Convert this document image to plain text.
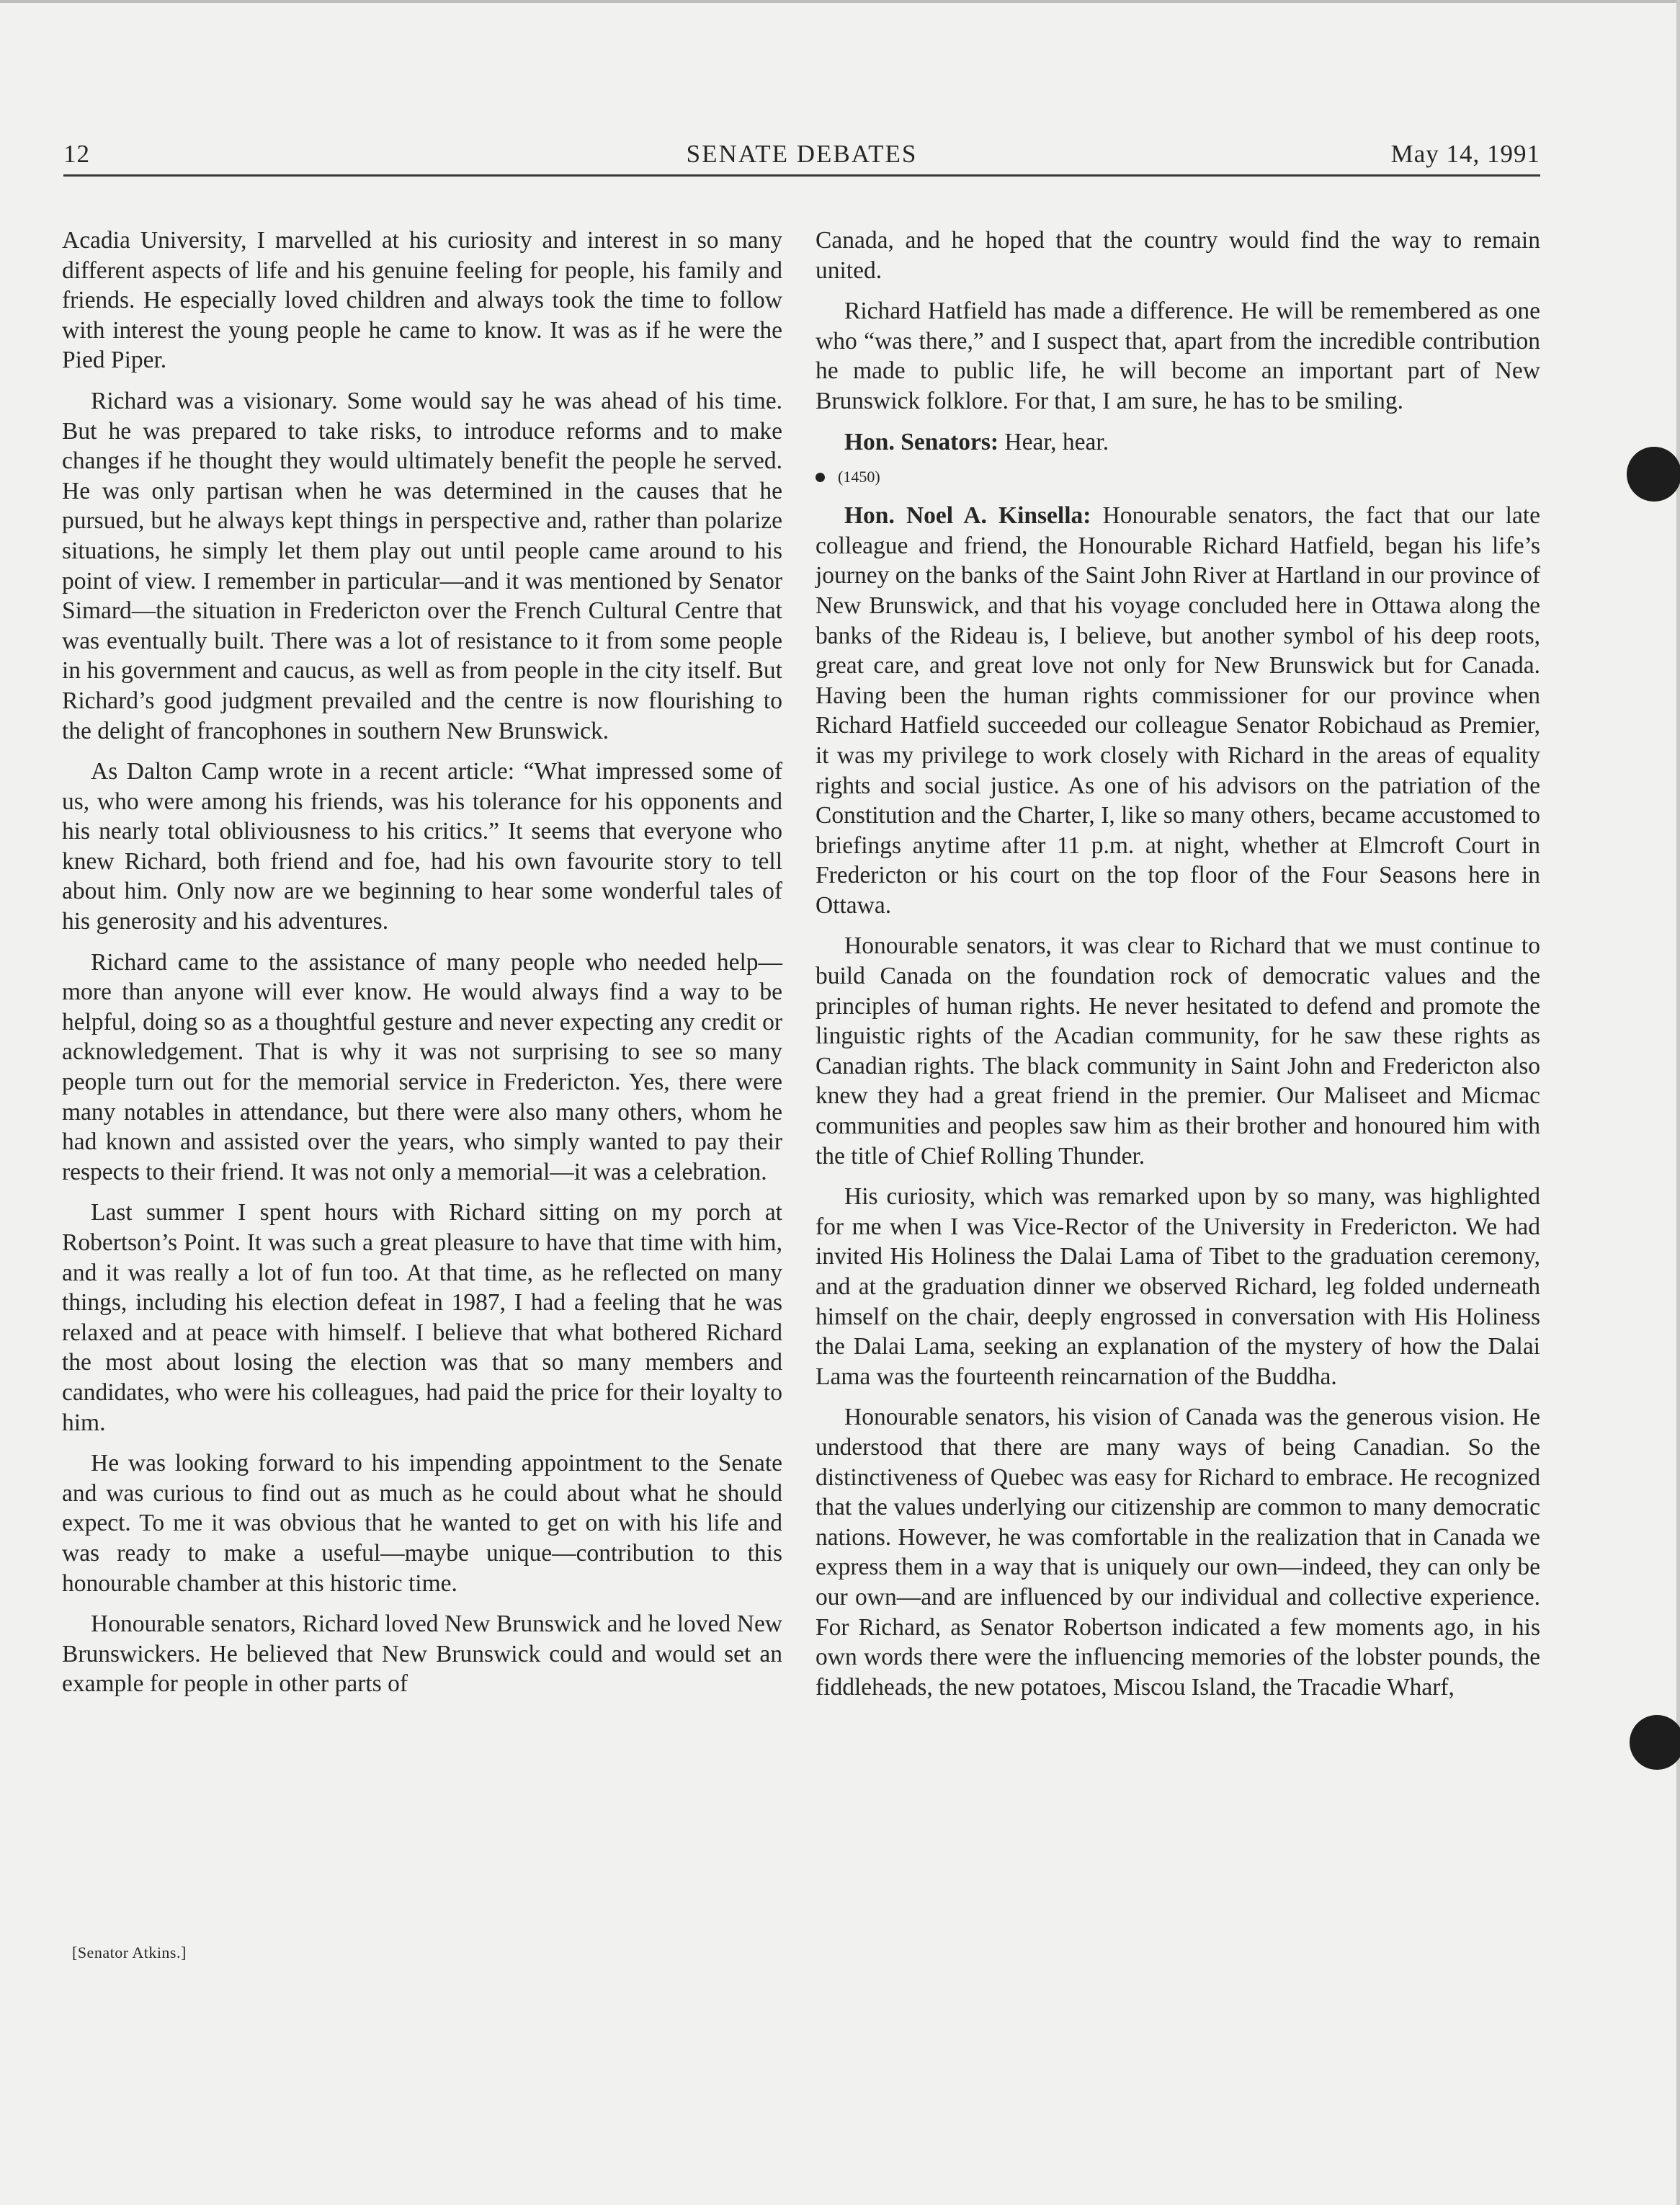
12	SENATE DEBATES	May 14, 1991

Acadia University, I marvelled at his curiosity and interest in so many different aspects of life and his genuine feeling for people, his family and friends. He especially loved children and always took the time to follow with interest the young people he came to know. It was as if he were the Pied Piper.

Richard was a visionary. Some would say he was ahead of his time. But he was prepared to take risks, to introduce reforms and to make changes if he thought they would ultimately benefit the people he served. He was only partisan when he was determined in the causes that he pursued, but he always kept things in perspective and, rather than polarize situations, he simply let them play out until people came around to his point of view. I remember in particular—and it was mentioned by Senator Simard—the situation in Fredericton over the French Cultural Centre that was eventually built. There was a lot of resistance to it from some people in his government and caucus, as well as from people in the city itself. But Richard’s good judgment prevailed and the centre is now flourishing to the delight of francophones in southern New Brunswick.

As Dalton Camp wrote in a recent article: “What impressed some of us, who were among his friends, was his tolerance for his opponents and his nearly total obliviousness to his critics.” It seems that everyone who knew Richard, both friend and foe, had his own favourite story to tell about him. Only now are we beginning to hear some wonderful tales of his generosity and his adventures.

Richard came to the assistance of many people who needed help—more than anyone will ever know. He would always find a way to be helpful, doing so as a thoughtful gesture and never expecting any credit or acknowledgement. That is why it was not surprising to see so many people turn out for the memorial service in Fredericton. Yes, there were many notables in attendance, but there were also many others, whom he had known and assisted over the years, who simply wanted to pay their respects to their friend. It was not only a memorial—it was a celebration.

Last summer I spent hours with Richard sitting on my porch at Robertson’s Point. It was such a great pleasure to have that time with him, and it was really a lot of fun too. At that time, as he reflected on many things, including his election defeat in 1987, I had a feeling that he was relaxed and at peace with himself. I believe that what bothered Richard the most about losing the election was that so many members and candidates, who were his colleagues, had paid the price for their loyalty to him.

He was looking forward to his impending appointment to the Senate and was curious to find out as much as he could about what he should expect. To me it was obvious that he wanted to get on with his life and was ready to make a useful—maybe unique—contribution to this honourable chamber at this historic time.

Honourable senators, Richard loved New Brunswick and he loved New Brunswickers. He believed that New Brunswick could and would set an example for people in other parts of

[Senator Atkins.]

Canada, and he hoped that the country would find the way to remain united.

Richard Hatfield has made a difference. He will be remembered as one who “was there,” and I suspect that, apart from the incredible contribution he made to public life, he will become an important part of New Brunswick folklore. For that, I am sure, he has to be smiling.

Hon. Senators: Hear, hear.

(1450)

Hon. Noel A. Kinsella: Honourable senators, the fact that our late colleague and friend, the Honourable Richard Hatfield, began his life’s journey on the banks of the Saint John River at Hartland in our province of New Brunswick, and that his voyage concluded here in Ottawa along the banks of the Rideau is, I believe, but another symbol of his deep roots, great care, and great love not only for New Brunswick but for Canada. Having been the human rights commissioner for our province when Richard Hatfield succeeded our colleague Senator Robichaud as Premier, it was my privilege to work closely with Richard in the areas of equality rights and social justice. As one of his advisors on the patriation of the Constitution and the Charter, I, like so many others, became accustomed to briefings anytime after 11 p.m. at night, whether at Elmcroft Court in Fredericton or his court on the top floor of the Four Seasons here in Ottawa.

Honourable senators, it was clear to Richard that we must continue to build Canada on the foundation rock of democratic values and the principles of human rights. He never hesitated to defend and promote the linguistic rights of the Acadian community, for he saw these rights as Canadian rights. The black community in Saint John and Fredericton also knew they had a great friend in the premier. Our Maliseet and Micmac communities and peoples saw him as their brother and honoured him with the title of Chief Rolling Thunder.

His curiosity, which was remarked upon by so many, was highlighted for me when I was Vice-Rector of the University in Fredericton. We had invited His Holiness the Dalai Lama of Tibet to the graduation ceremony, and at the graduation dinner we observed Richard, leg folded underneath himself on the chair, deeply engrossed in conversation with His Holiness the Dalai Lama, seeking an explanation of the mystery of how the Dalai Lama was the fourteenth reincarnation of the Buddha.

Honourable senators, his vision of Canada was the generous vision. He understood that there are many ways of being Canadian. So the distinctiveness of Quebec was easy for Richard to embrace. He recognized that the values underlying our citizenship are common to many democratic nations. However, he was comfortable in the realization that in Canada we express them in a way that is uniquely our own—indeed, they can only be our own—and are influenced by our individual and collective experience. For Richard, as Senator Robertson indicated a few moments ago, in his own words there were the influencing memories of the lobster pounds, the fiddleheads, the new potatoes, Miscou Island, the Tracadie Wharf,
